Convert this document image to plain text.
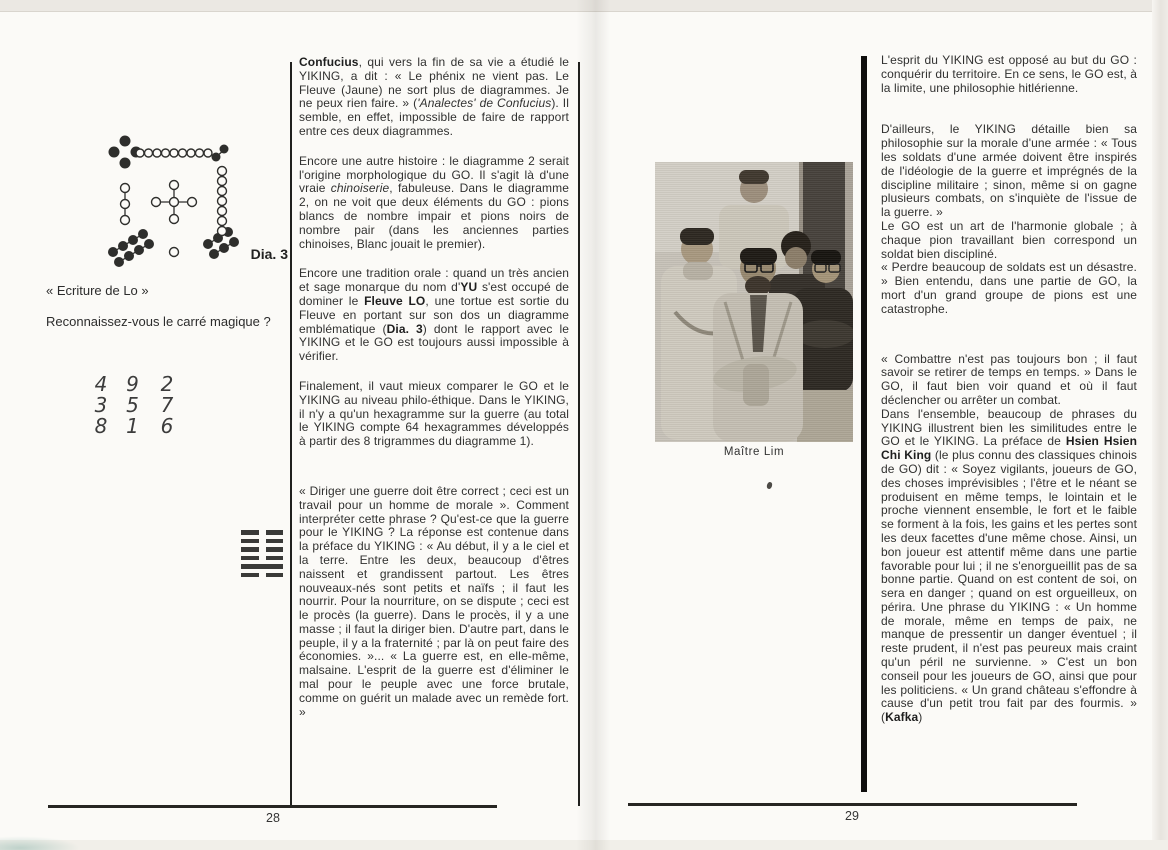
Dia. 3
« Ecriture de Lo »
Reconnaissez-vous le carré magique ?
4 9	2
3 5	7
8 1	6

Confucius, qui vers la fin de sa vie a étudié le YIKING, a dit : « Le phénix ne vient pas. Le Fleuve (Jaune) ne sort plus de diagrammes. Je ne peux rien faire. » ('Analectes' de Confucius). Il semble, en effet, impossible de faire de rapport entre ces deux diagrammes.

Encore une autre histoire : le diagramme 2 serait l'origine morphologique du GO. Il s'agit là d'une vraie chinoiserie, fabuleuse. Dans le diagramme 2, on ne voit que deux éléments du GO : pions blancs de nombre impair et pions noirs de nombre pair (dans les anciennes parties chinoises, Blanc jouait le premier).

Encore une tradition orale : quand un très ancien et sage monarque du nom d'YU s'est occupé de dominer le Fleuve LO, une tortue est sortie du Fleuve en portant sur son dos un diagramme emblématique (Dia. 3) dont le rapport avec le YIKING et le GO est toujours aussi impossible à vérifier.

Finalement, il vaut mieux comparer le GO et le YIKING au niveau philo-éthique. Dans le YIKING, il n'y a qu'un hexagramme sur la guerre (au total le YIKING compte 64 hexagrammes développés à partir des 8 trigrammes du diagramme 1).

« Diriger une guerre doit être correct ; ceci est un travail pour un homme de morale ». Comment interpréter cette phrase ? Qu'est-ce que la guerre pour le YIKING ? La réponse est contenue dans la préface du YIKING : « Au début, il y a le ciel et la terre. Entre les deux, beaucoup d'êtres naissent et grandissent partout. Les êtres nouveaux-nés sont petits et naïfs ; il faut les nourrir. Pour la nourriture, on se dispute ; ceci est le procès (la guerre). Dans le procès, il y a une masse ; il faut la diriger bien. D'autre part, dans le peuple, il y a la fraternité ; par là on peut faire des économies. »... « La guerre est, en elle-même, malsaine. L'esprit de la guerre est d'éliminer le mal pour le peuple avec une force brutale, comme on guérit un malade avec un remède fort. »

28
Maître Lim

L'esprit du YIKING est opposé au but du GO : conquérir du territoire. En ce sens, le GO est, à la limite, une philosophie hitlérienne.

D'ailleurs, le YIKING détaille bien sa philosophie sur la morale d'une armée : « Tous les soldats d'une armée doivent être inspirés de l'idéologie de la guerre et imprégnés de la discipline militaire ; sinon, même si on gagne plusieurs combats, on s'inquiète de l'issue de la guerre. »

Le GO est un art de l'harmonie globale ; à chaque pion travaillant bien correspond un soldat bien discipliné.

« Perdre beaucoup de soldats est un désastre. » Bien entendu, dans une partie de GO, la mort d'un grand groupe de pions est une catastrophe.

« Combattre n'est pas toujours bon ; il faut savoir se retirer de temps en temps. » Dans le GO, il faut bien voir quand et où il faut déclencher ou arrêter un combat.

Dans l'ensemble, beaucoup de phrases du YIKING illustrent bien les similitudes entre le GO et le YIKING. La préface de Hsien Hsien Chi King (le plus connu des classiques chinois de GO) dit : « Soyez vigilants, joueurs de GO, des choses imprévisibles ; l'être et le néant se produisent en même temps, le lointain et le proche viennent ensemble, le fort et le faible se forment à la fois, les gains et les pertes sont les deux facettes d'une même chose. Ainsi, un bon joueur est attentif même dans une partie favorable pour lui ; il ne s'enorgueillit pas de sa bonne partie. Quand on est content de soi, on sera en danger ; quand on est orgueilleux, on périra. Une phrase du YIKING : « Un homme de morale, même en temps de paix, ne manque de pressentir un danger éventuel ; il reste prudent, il n'est pas peureux mais craint qu'un péril ne survienne. » C'est un bon conseil pour les joueurs de GO, ainsi que pour les politiciens. « Un grand château s'effondre à cause d'un petit trou fait par des fourmis. » (Kafka)

29
